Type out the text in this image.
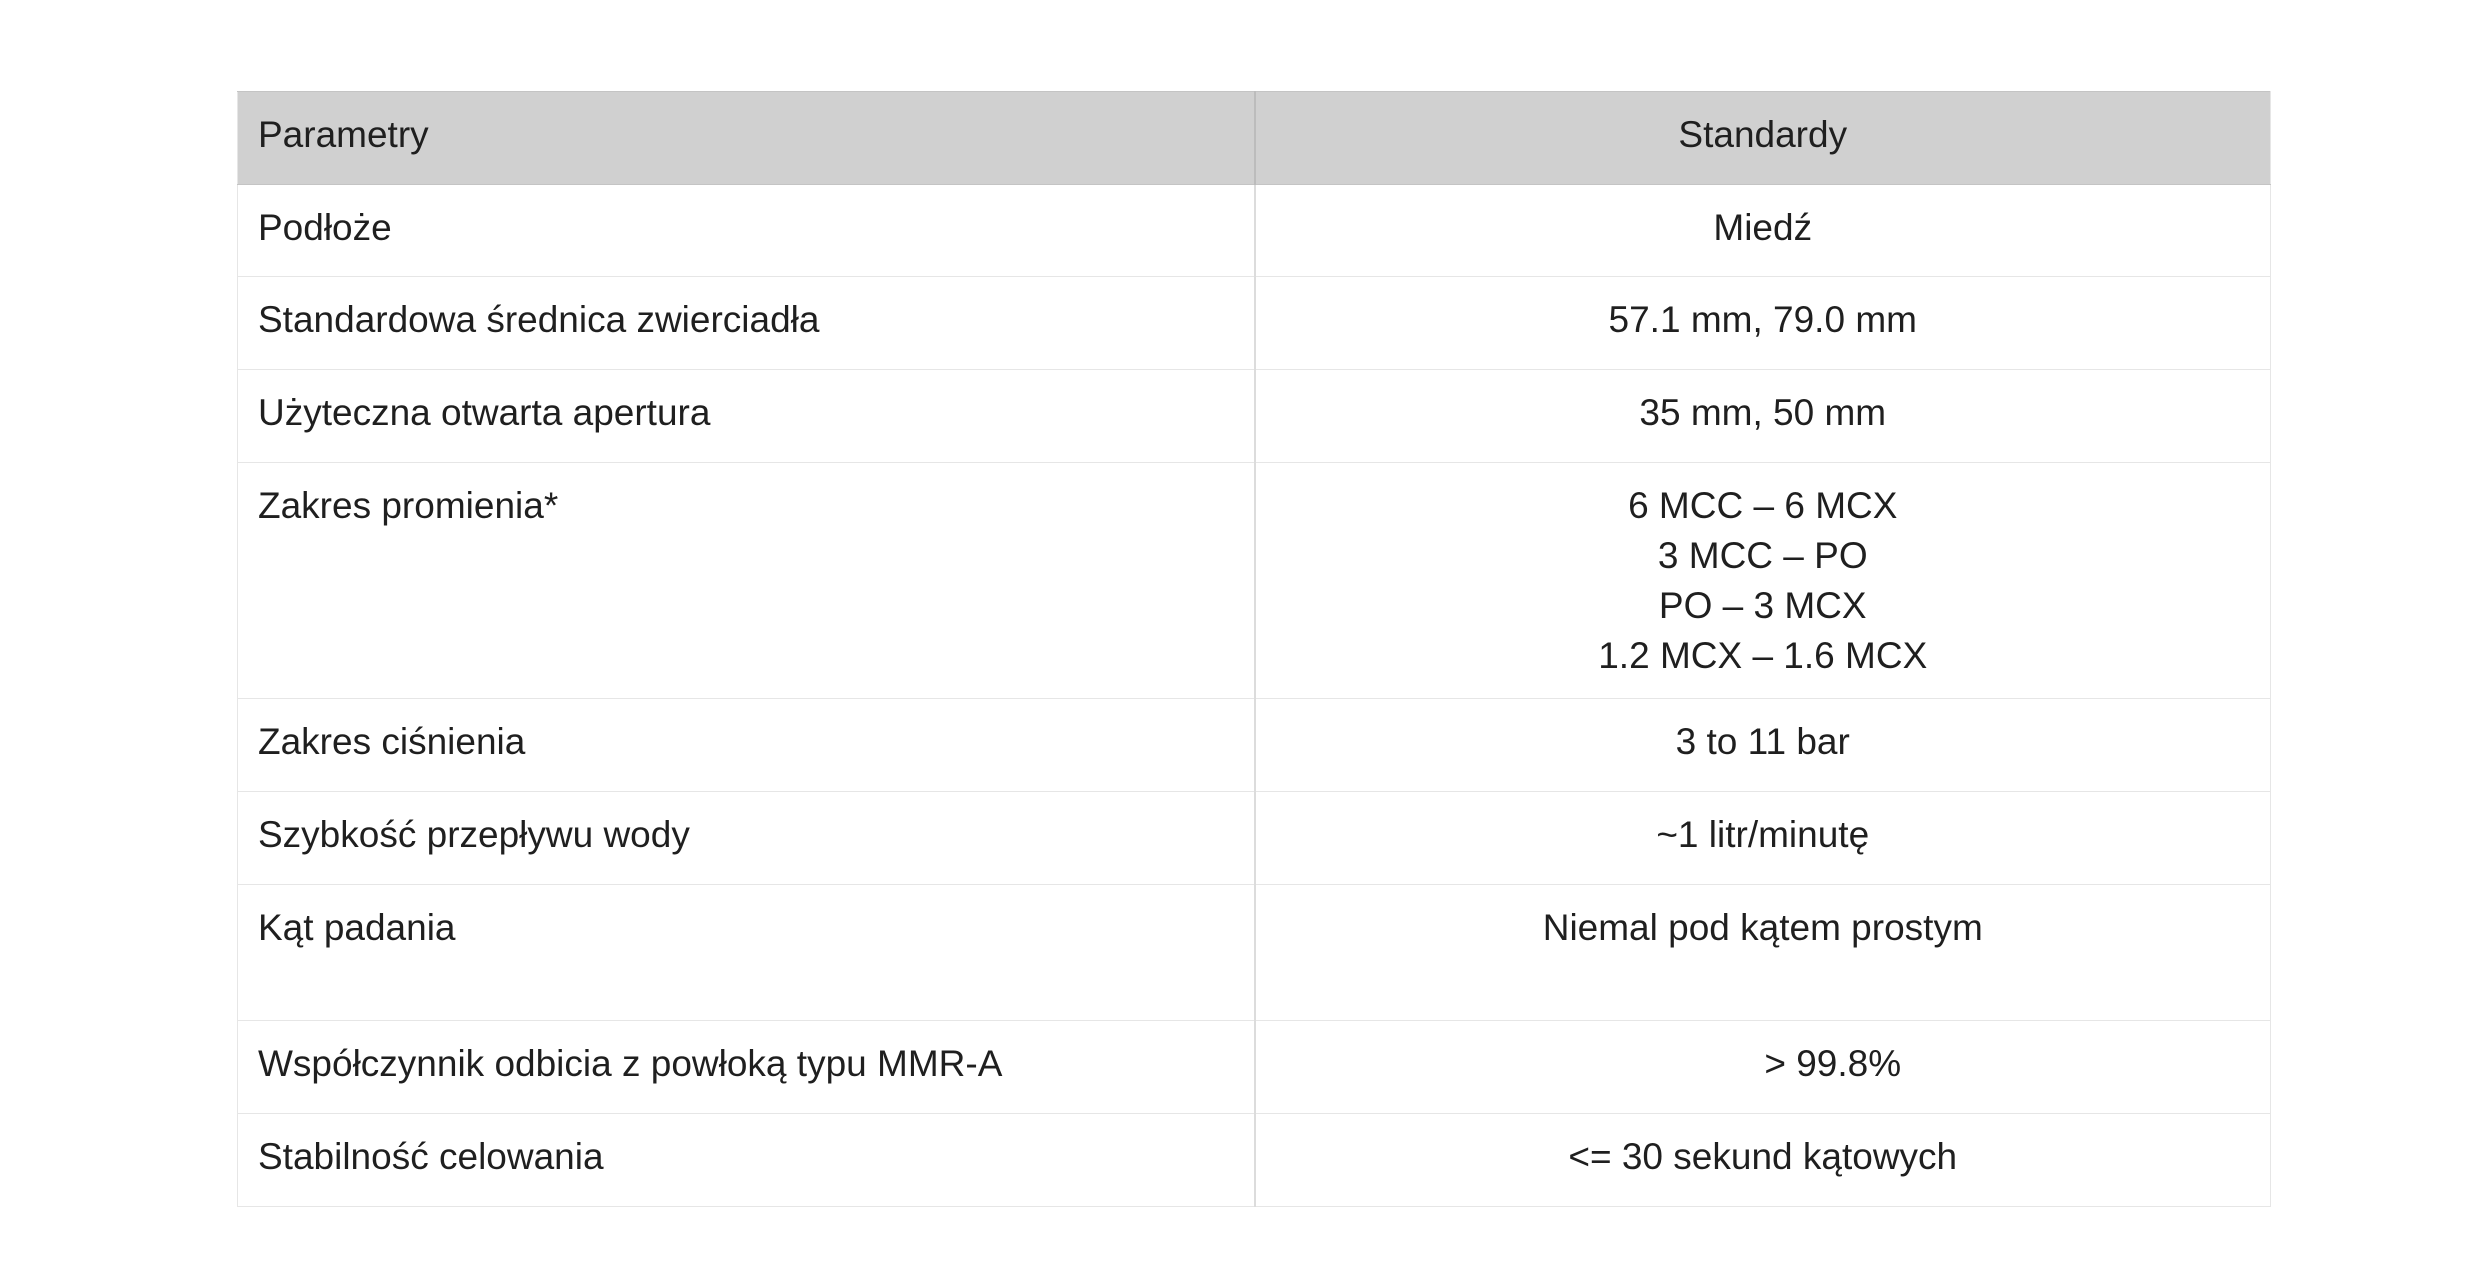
Parametry	Standardy
Podłoże	Miedź

Standardowa średnica zwierciadła	57.1 mm, 79.0 mm

Użyteczna otwarta apertura	35 mm, 50 mm

Zakres promienia*	6 MCC – 6 MCX
3 MCC – PO
PO – 3 MCX
1.2 MCX – 1.6 MCX

Zakres ciśnienia	3 to 11 bar

Szybkość przepływu wody	~1 litr/minutę

Kąt padania	Niemal pod kątem prostym

Współczynnik odbicia z powłoką typu MMR-A	> 99.8%

Stabilność celowania	<= 30 sekund kątowych
